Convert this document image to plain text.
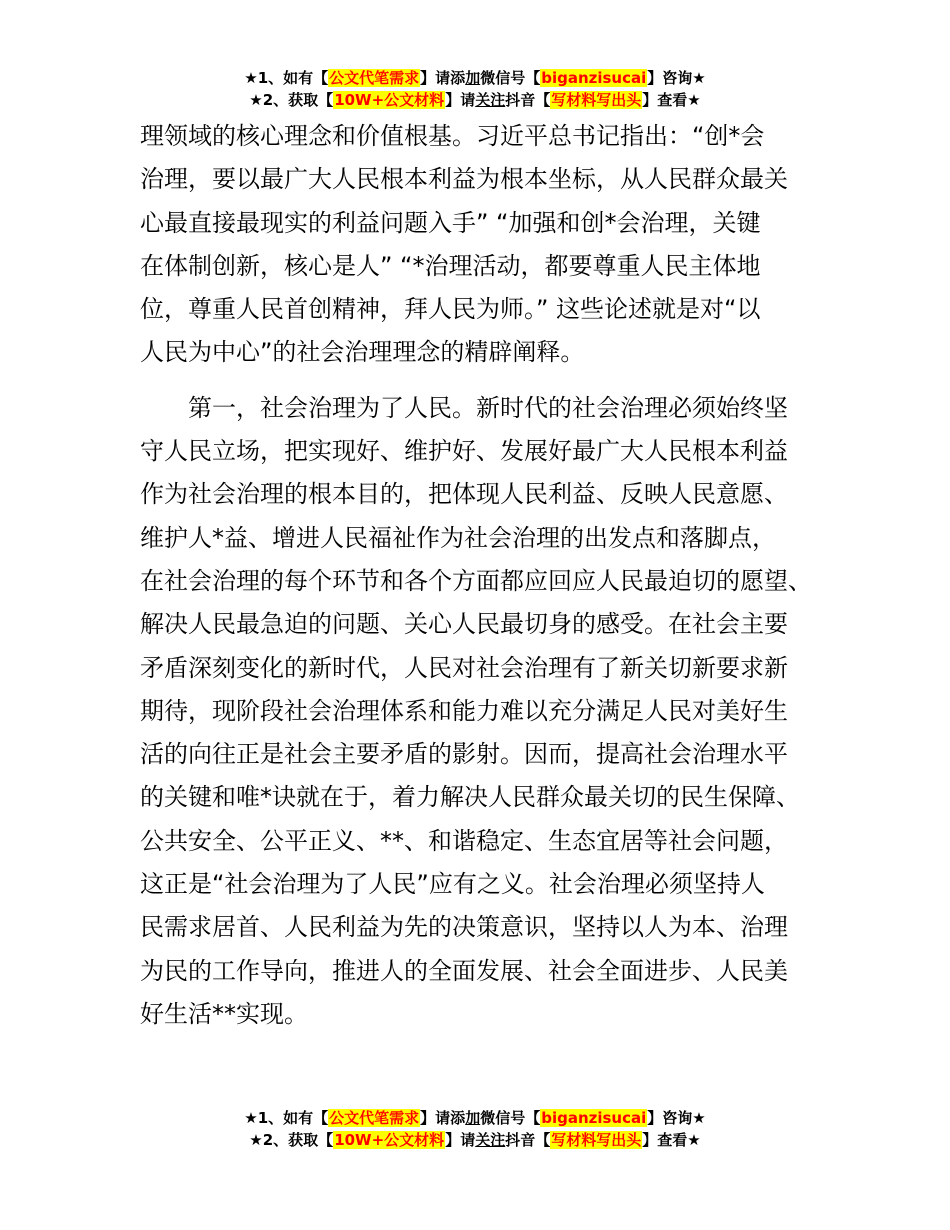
★1、如有【公文代笔需求】请添加微信号【biganzisucai】咨询★
★2、获取【10W+公文材料】请关注抖音【写材料写出头】查看★

理领域的核心理念和价值根基。习近平总书记指出：“创*会

治理，要以最广大人民根本利益为根本坐标，从人民群众最关

心最直接最现实的利益问题入手” “加强和创*会治理，关键

在体制创新，核心是人” “*治理活动，都要尊重人民主体地

位，尊重人民首创精神，拜人民为师。” 这些论述就是对“以

人民为中心”的社会治理理念的精辟阐释。

　　第一，社会治理为了人民。新时代的社会治理必须始终坚

守人民立场，把实现好、维护好、发展好最广大人民根本利益

作为社会治理的根本目的，把体现人民利益、反映人民意愿、

维护人*益、增进人民福祉作为社会治理的出发点和落脚点，

在社会治理的每个环节和各个方面都应回应人民最迫切的愿望、

解决人民最急迫的问题、关心人民最切身的感受。在社会主要

矛盾深刻变化的新时代，人民对社会治理有了新关切新要求新

期待，现阶段社会治理体系和能力难以充分满足人民对美好生

活的向往正是社会主要矛盾的影射。因而，提高社会治理水平

的关键和唯*诀就在于，着力解决人民群众最关切的民生保障、

公共安全、公平正义、**、和谐稳定、生态宜居等社会问题，

这正是“社会治理为了人民”应有之义。社会治理必须坚持人

民需求居首、人民利益为先的决策意识，坚持以人为本、治理

为民的工作导向，推进人的全面发展、社会全面进步、人民美

好生活**实现。

★1、如有【公文代笔需求】请添加微信号【biganzisucai】咨询★
★2、获取【10W+公文材料】请关注抖音【写材料写出头】查看★
